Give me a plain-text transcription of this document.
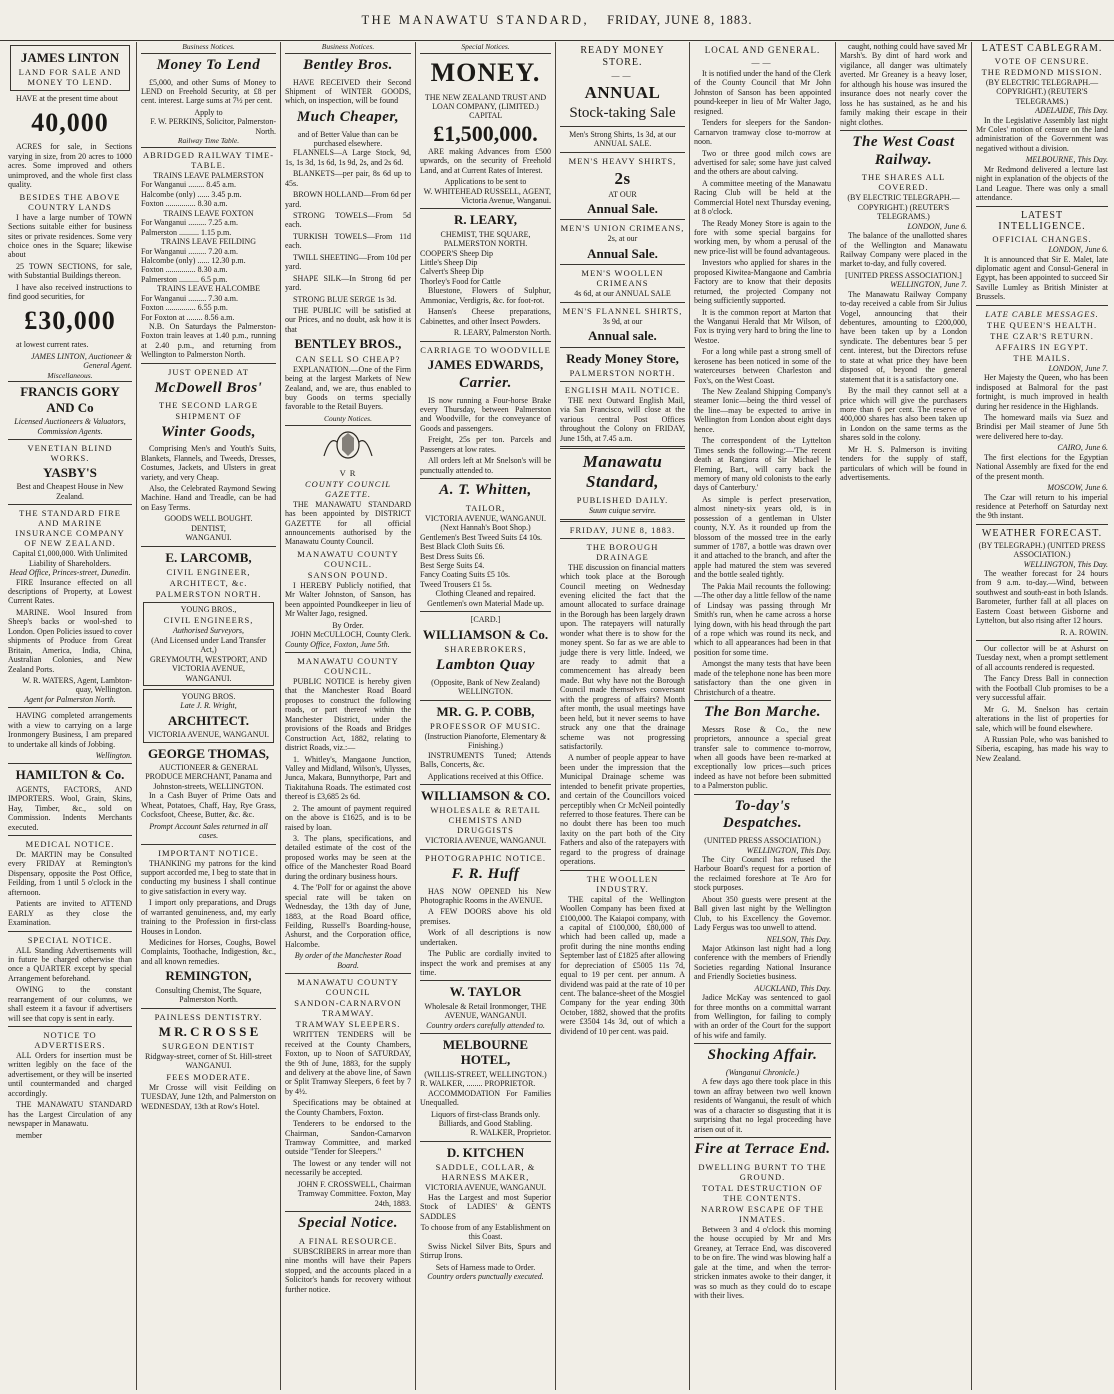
THE MANAWATU STANDARD, FRIDAY, JUNE 8, 1883.
JAMES LINTON
LAND FOR SALE AND MONEY TO LEND.
HAVE at the present time about
40,000
ACRES for sale, in Sections varying in size, from 20 acres to 1000 acres. Some improved and others unimproved, and the whole first class quality.
BESIDES THE ABOVE COUNTRY LANDS
I have a large number of TOWN Sections suitable either for business sites or private residences. Some very choice ones in the Square; likewise about
25 TOWN SECTIONS, for sale, with Substantial Buildings thereon.
I have also received instructions to find good securities, for
£30,000
at lowest current rates.
JAMES LINTON, Auctioneer & General Agent.
Miscellaneous.
FRANCIS GORY AND Co
Licensed Auctioneers & Valuators, Commission Agents.
VENETIAN BLIND WORKS.
YASBY'S
Best and Cheapest House in New Zealand.
THE STANDARD FIRE AND MARINE INSURANCE COMPANY OF NEW ZEALAND.
Capital £1,000,000. With Unlimited Liability of Shareholders.
Head Office, Princes-street, Dunedin.
FIRE Insurance effected on all descriptions of Property, at Lowest Current Rates.
MARINE. Wool Insured from Sheep's backs or wool-shed to London. Open Policies issued to cover shipments of Produce from Great Britain, America, India, China, Australian Colonies, and New Zealand Ports.
W. R. WATERS, Agent, Lambton-quay, Wellington.
Agent for Palmerston North.
HAVING completed arrangements with a view to carrying on a large Ironmongery Business, I am prepared to undertake all kinds of Jobbing.
Wellington.
HAMILTON & Co.
AGENTS, FACTORS, AND IMPORTERS. Wool, Grain, Skins, Hay, Timber, &c., sold on Commission. Indents Merchants executed.
MEDICAL NOTICE.
Dr. MARTIN may be Consulted every FRIDAY at Remington's Dispensary, opposite the Post Office, Feilding, from 1 until 5 o'clock in the afternoon.
Patients are invited to ATTEND EARLY as they close the Examination.
SPECIAL NOTICE.
ALL Standing Advertisements will in future be charged otherwise than once a QUARTER except by special Arrangement beforehand.
OWING to the constant rearrangement of our columns, we shall esteem it a favour if advertisers will see that copy is sent in early.
NOTICE TO ADVERTISERS.
ALL Orders for insertion must be written legibly on the face of the advertisement, or they will be inserted until countermanded and charged accordingly.
THE MANAWATU STANDARD has the Largest Circulation of any newspaper in Manawatu.
member
Business Notices.
Money To Lend
£5,000, and other Sums of Money to LEND on Freehold Security, at £8 per cent. interest. Large sums at 7½ per cent.
Apply to
F. W. PERKINS, Solicitor, Palmerston-North.
Railway Time Table.
ABRIDGED RAILWAY TIME-TABLE.
TRAINS LEAVE PALMERSTON
For Wanganui ........ 8.45 a.m.
Halcombe (only) ...... 3.45 p.m.
Foxton ............... 8.30 a.m.
TRAINS LEAVE FOXTON
For Wanganui ......... 7.25 a.m.
Palmerston .......... 1.15 p.m.
TRAINS LEAVE FEILDING
For Wanganui ......... 7.20 a.m.
Halcombe (only) ...... 12.30 p.m.
Foxton ............... 8.30 a.m.
Palmerston .......... 6.5 p.m.
TRAINS LEAVE HALCOMBE
For Wanganui ......... 7.30 a.m.
Foxton ............... 6.55 p.m.
For Foxton at ........ 8.56 a.m.
N.B. On Saturdays the Palmerston-Foxton train leaves at 1.40 p.m., running at 2.40 p.m., and returning from Wellington to Palmerston North.
JUST OPENED AT
McDowell Bros'
THE SECOND LARGE SHIPMENT OF
Winter Goods,
Comprising Men's and Youth's Suits, Blankets, Flannels, and Tweeds, Dresses, Costumes, Jackets, and Ulsters in great variety, and very Cheap.
Also, the Celebrated Raymond Sewing Machine. Hand and Treadle, can be had on Easy Terms.
GOODS WELL BOUGHT.
DENTIST,
WANGANUI.
E. LARCOMB,
CIVIL ENGINEER,
ARCHITECT, &c.
PALMERSTON NORTH.
YOUNG BROS.,
CIVIL ENGINEERS,
Authorised Surveyors,
(And Licensed under Land Transfer Act,)
GREYMOUTH, WESTPORT, AND VICTORIA AVENUE,
WANGANUI.
YOUNG BROS.
Late J. R. Wright,
ARCHITECT.
VICTORIA AVENUE, WANGANUI.
GEORGE THOMAS,
AUCTIONEER & GENERAL PRODUCE MERCHANT, Panama and Johnston-streets, WELLINGTON.
In a Cash Buyer of Prime Oats and Wheat, Potatoes, Chaff, Hay, Rye Grass, Cocksfoot, Cheese, Butter, &c. &c.
Prompt Account Sales returned in all cases.
IMPORTANT NOTICE.
THANKING my patrons for the kind support accorded me, I beg to state that in conducting my business I shall continue to give satisfaction in every way.
I import only preparations, and Drugs of warranted genuineness, and, my early training to the Profession in first-class Houses in London.
Medicines for Horses, Coughs, Bowel Complaints, Toothache, Indigestion, &c., and all known remedies.
REMINGTON,
Consulting Chemist, The Square, Palmerston North.
PAINLESS DENTISTRY.
M R. C R O S S E
SURGEON DENTIST
Ridgway-street, corner of St. Hill-street WANGANUI.
FEES MODERATE.
Mr Crosse will visit Feilding on TUESDAY, June 12th, and Palmerston on WEDNESDAY, 13th at Row's Hotel.
Business Notices.
Bentley Bros.
HAVE RECEIVED their Second Shipment of WINTER GOODS, which, on inspection, will be found
Much Cheaper,
and of Better Value than can be purchased elsewhere.
FLANNELS—A Large Stock, 9d, 1s, 1s 3d, 1s 6d, 1s 9d, 2s, and 2s 6d.
BLANKETS—per pair, 8s 6d up to 45s.
BROWN HOLLAND—From 6d per yard.
STRONG TOWELS—From 5d each.
TURKISH TOWELS—From 11d each.
TWILL SHEETING—From 10d per yard.
SHAPE SILK—In Strong 6d per yard.
STRONG BLUE SERGE 1s 3d.
THE PUBLIC will be satisfied at our Prices, and no doubt, ask how it is that
BENTLEY BROS.,
CAN SELL SO CHEAP?
EXPLANATION.—One of the Firm being at the largest Markets of New Zealand, and, we are, thus enabled to buy Goods on terms specially favorable to the Retail Buyers.
County Notices.
V R
COUNTY COUNCIL GAZETTE.
THE MANAWATU STANDARD has been appointed by DISTRICT GAZETTE for all official announcements authorised by the Manawatu County Council.
MANAWATU COUNTY COUNCIL.
SANSON POUND.
I HEREBY Publicly notified, that Mr Walter Johnston, of Sanson, has been appointed Poundkeeper in lieu of Mr Walter Jago, resigned.
By Order.
JOHN McCULLOCH, County Clerk.
County Office, Foxton, June 5th.
MANAWATU COUNTY COUNCIL.
PUBLIC NOTICE is hereby given that the Manchester Road Board proposes to construct the following roads, or part thereof within the Manchester District, under the provisions of the Roads and Bridges Construction Act, 1882, relating to district Roads, viz.:—
1. Whitley's, Mangaone Junction, Valley and Midland, Wilson's, Ulysses, Junca, Makara, Bunnythorpe, Part and Tiakitahuna Roads. The estimated cost thereof is £3,685 2s 6d.
2. The amount of payment required on the above is £1625, and is to be raised by loan.
3. The plans, specifications, and detailed estimate of the cost of the proposed works may be seen at the office of the Manchester Road Board during the ordinary business hours.
4. The 'Poll' for or against the above special rate will be taken on Wednesday, the 13th day of June, 1883, at the Road Board office, Feilding, Russell's Boarding-house, Ashurst, and the Corporation office, Halcombe.
By order of the Manchester Road Board.
MANAWATU COUNTY COUNCIL
SANDON-CARNARVON TRAMWAY.
TRAMWAY SLEEPERS.
WRITTEN TENDERS will be received at the County Chambers, Foxton, up to Noon of SATURDAY, the 9th of June, 1883, for the supply and delivery at the above line, of Sawn or Split Tramway Sleepers, 6 feet by 7 by 4½.
Specifications may be obtained at the County Chambers, Foxton.
Tenderers to be endorsed to the Chairman, Sandon-Carnarvon Tramway Committee, and marked outside "Tender for Sleepers."
The lowest or any tender will not necessarily be accepted.
JOHN F. CROSSWELL, Chairman Tramway Committee. Foxton, May 24th, 1883.
Special Notice.
A FINAL RESOURCE.
SUBSCRIBERS in arrear more than nine months will have their Papers stopped, and the accounts placed in a Solicitor's hands for recovery without further notice.
Special Notices.
MONEY.
THE NEW ZEALAND TRUST AND LOAN COMPANY, (LIMITED.)
CAPITAL £1,500,000.
ARE making Advances from £500 upwards, on the security of Freehold Land, and at Current Rates of Interest.
Applications to be sent to
W. WHITEHEAD RUSSELL, AGENT, Victoria Avenue, Wanganui.
R. LEARY,
CHEMIST, THE SQUARE, PALMERSTON NORTH.
COOPER'S Sheep Dip
Little's Sheep Dip
Calvert's Sheep Dip
Thorley's Food for Cattle
Bluestone, Flowers of Sulphur, Ammoniac, Verdigris, &c. for foot-rot.
Hansen's Cheese preparations, Cabinettes, and other Insect Powders.
R. LEARY, Palmerston North.
CARRIAGE TO WOODVILLE
JAMES EDWARDS,
Carrier.
IS now running a Four-horse Brake every Thursday, between Palmerston and Woodville, for the conveyance of Goods and passengers.
Freight, 25s per ton. Parcels and Passengers at low rates.
All orders left at Mr Snelson's will be punctually attended to.
A. T. Whitten,
TAILOR,
VICTORIA AVENUE, WANGANUI. (Next Hannah's Boot Shop.)
Gentlemen's Best Tweed Suits £4 10s.
Best Black Cloth Suits £6.
Best Dress Suits £6.
Best Serge Suits £4.
Fancy Coating Suits £5 10s.
Tweed Trousers £1 5s.
Clothing Cleaned and repaired.
Gentlemen's own Material Made up.
[CARD.]
WILLIAMSON & Co.
SHAREBROKERS,
Lambton Quay
(Opposite, Bank of New Zealand) WELLINGTON.
MR. G. P. COBB,
PROFESSOR OF MUSIC.
(Instruction Pianoforte, Elementary & Finishing.)
INSTRUMENTS Tuned; Attends Balls, Concerts, &c.
Applications received at this Office.
WILLIAMSON & CO.
WHOLESALE & RETAIL CHEMISTS AND DRUGGISTS
VICTORIA AVENUE, WANGANUI.
PHOTOGRAPHIC NOTICE.
F. R. Huff
HAS NOW OPENED his New Photographic Rooms in the AVENUE.
A FEW DOORS above his old premises.
Work of all descriptions is now undertaken.
The Public are cordially invited to inspect the work and premises at any time.
W. TAYLOR
Wholesale & Retail Ironmonger, THE AVENUE, WANGANUI.
Country orders carefully attended to.
MELBOURNE HOTEL,
(WILLIS-STREET, WELLINGTON.)
R. WALKER, ........ PROPRIETOR.
ACCOMMODATION For Families Unequalled.
Liquors of first-class Brands only.
Billiards, and Good Stabling.
R. WALKER, Proprietor.
D. KITCHEN
SADDLE, COLLAR, & HARNESS MAKER,
VICTORIA AVENUE, WANGANUI.
Has the Largest and most Superior Stock of LADIES' & GENTS SADDLES
To choose from of any Establishment on this Coast.
Swiss Nickel Silver Bits, Spurs and Stirrup Irons.
Sets of Harness made to Order.
Country orders punctually executed.
READY MONEY STORE.
——
ANNUAL
Stock-taking Sale
Men's Strong Shirts, 1s 3d, at our ANNUAL SALE.
MEN'S HEAVY SHIRTS,
2s
AT OUR
Annual Sale.
MEN'S UNION CRIMEANS,
2s, at our
Annual Sale.
MEN'S WOOLLEN CRIMEANS
4s 6d, at our ANNUAL SALE
MEN'S FLANNEL SHIRTS,
3s 9d, at our
Annual sale.
Ready Money Store,
PALMERSTON NORTH.
ENGLISH MAIL NOTICE.
THE next Outward English Mail, via San Francisco, will close at the various central Post Offices throughout the Colony on FRIDAY, June 15th, at 7.45 a.m.
Manawatu Standard,
PUBLISHED DAILY.
Suum cuique servire.
FRIDAY, JUNE 8, 1883.
THE BOROUGH DRAINAGE
THE discussion on financial matters which took place at the Borough Council meeting on Wednesday evening elicited the fact that the amount allocated to surface drainage in the Borough has been largely drawn upon. The ratepayers will naturally wonder what there is to show for the money spent. So far as we are able to judge there is very little. Indeed, we are ready to admit that a commencement has already been made. But why have not the Borough Council made themselves conversant with the progress of affairs? Month after month, the usual meetings have been held, but it never seems to have struck any one that the drainage scheme was not progressing satisfactorily.
A number of people appear to have been under the impression that the Municipal Drainage scheme was intended to benefit private properties, and certain of the Councillors voiced perceptibly when Cr McNeil pointedly referred to those features. There can be no doubt there has been too much laxity on the part both of the City Fathers and also of the ratepayers with regard to the progress of drainage operations.
THE WOOLLEN INDUSTRY.
THE capital of the Wellington Woollen Company has been fixed at £100,000. The Kaiapoi company, with a capital of £100,000, £80,000 of which had been called up, made a profit during the nine months ending September last of £1825 after allowing for depreciation of £5005 11s 7d, equal to 19 per cent. per annum. A dividend was paid at the rate of 10 per cent. The balance-sheet of the Mosgiel Company for the year ending 30th October, 1882, showed that the profits were £3504 14s 3d, out of which a dividend of 10 per cent. was paid.
LOCAL AND GENERAL.
——
It is notified under the hand of the Clerk of the County Council that Mr John Johnston of Sanson has been appointed pound-keeper in lieu of Mr Walter Jago, resigned.
Tenders for sleepers for the Sandon-Carnarvon tramway close to-morrow at noon.
Two or three good milch cows are advertised for sale; some have just calved and the others are about calving.
A committee meeting of the Manawatu Racing Club will be held at the Commercial Hotel next Thursday evening, at 8 o'clock.
The Ready Money Store is again to the fore with some special bargains for working men, by whom a perusal of the new price-list will be found advantageous.
Investors who applied for shares in the proposed Kiwitea-Mangaone and Cambria Factory are to know that their deposits returned, the projected Company not being sufficiently supported.
It is the common report at Marton that the Wanganui Herald that Mr Wilson, of Fox is trying very hard to bring the line to Westoe.
For a long while past a strong smell of kerosene has been noticed in some of the waterceurses between Charleston and Fox's, on the West Coast.
The New Zealand Shipping Company's steamer Ionic—being the third vessel of the line—may be expected to arrive in Wellington from London about eight days hence.
The correspondent of the Lyttelton Times sends the following:—'The recent death at Rangiora of Sir Michael le Fleming, Bart., will carry back the memory of many old colonists to the early days of Canterbury.'
As simple is perfect preservation, almost ninety-six years old, is in possession of a gentleman in Ulster county, N.Y. As it rounded up from the blossom of the mossed tree in the early summer of 1787, a bottle was drawn over it and attached to the branch, and after the apple had matured the stem was severed and the bottle sealed tightly.
The Pakia Mail recounts the following:—The other day a little fellow of the name of Lindsay was passing through Mr Smith's run, when he came across a horse lying down, with his head through the part of a rope which was round its neck, and which to all appearances had been in that position for some time.
Amongst the many tests that have been made of the telephone none has been more satisfactory than the one given in Christchurch of a theatre.
The Bon Marche.
Messrs Rose & Co., the new proprietors, announce a special great transfer sale to commence to-morrow, when all goods have been re-marked at exceptionally low prices—such prices indeed as have not before been submitted to a Palmerston public.
To-day's Despatches.
(UNITED PRESS ASSOCIATION.)
WELLINGTON, This Day.
The City Council has refused the Harbour Board's request for a portion of the reclaimed foreshore at Te Aro for stock purposes.
About 350 guests were present at the Ball given last night by the Wellington Club, to his Excellency the Governor. Lady Fergus was too unwell to attend.
NELSON, This Day.
Major Atkinson last night had a long conference with the members of Friendly Societies regarding National Insurance and Friendly Societies business.
AUCKLAND, This Day.
Jadice McKay was sentenced to gaol for three months on a committal warrant from Wellington, for failing to comply with an order of the Court for the support of his wife and family.
Shocking Affair.
(Wanganui Chronicle.)
A few days ago there took place in this town an affray between two well known residents of Wanganui, the result of which was of a character so disgusting that it is surprising that no legal proceeding have arisen out of it.
Fire at Terrace End.
DWELLING BURNT TO THE GROUND.
TOTAL DESTRUCTION OF THE CONTENTS.
NARROW ESCAPE OF THE INMATES.
Between 3 and 4 o'clock this morning the house occupied by Mr and Mrs Greaney, at Terrace End, was discovered to be on fire. The wind was blowing half a gale at the time, and when the terror-stricken inmates awoke to their danger, it was so much as they could do to escape with their lives.
caught, nothing could have saved Mr Marsh's. By dint of hard work and vigilance, all danger was ultimately averted. Mr Greaney is a heavy loser, for although his house was insured the insurance does not nearly cover the loss he has sustained, as he and his family making their escape in their night clothes.
The West Coast Railway.
THE SHARES ALL COVERED.
(BY ELECTRIC TELEGRAPH.—COPYRIGHT.) (REUTER'S TELEGRAMS.)
LONDON, June 6.
The balance of the unallotted shares of the Wellington and Manawatu Railway Company were placed in the market to-day, and fully covered.
[UNITED PRESS ASSOCIATION.]
WELLINGTON, June 7.
The Manawatu Railway Company to-day received a cable from Sir Julius Vogel, announcing that their debentures, amounting to £200,000, have been taken up by a London syndicate. The debentures bear 5 per cent. interest, but the Directors refuse to state at what price they have been disposed of, beyond the general statement that it is a satisfactory one.
By the mail they cannot sell at a price which will give the purchasers more than 6 per cent. The reserve of 400,000 shares has also been taken up in London on the same terms as the shares sold in the colony.
Mr H. S. Palmerson is inviting tenders for the supply of staff, particulars of which will be found in advertisements.
LATEST CABLEGRAM.
VOTE OF CENSURE.
THE REDMOND MISSION.
(BY ELECTRIC TELEGRAPH.—COPYRIGHT.) (REUTER'S TELEGRAMS.)
ADELAIDE, This Day.
In the Legislative Assembly last night Mr Coles' motion of censure on the land administration of the Government was negatived without a division.
MELBOURNE, This Day.
Mr Redmond delivered a lecture last night in explanation of the objects of the Land League. There was only a small attendance.
LATEST INTELLIGENCE.
OFFICIAL CHANGES.
LONDON, June 6.
It is announced that Sir E. Malet, late diplomatic agent and Consul-General in Egypt, has been appointed to succeed Sir Saville Lumley as British Minister at Brussels.
LATE CABLE MESSAGES.
THE QUEEN'S HEALTH.
THE CZAR'S RETURN.
AFFAIRS IN EGYPT.
THE MAILS.
LONDON, June 7.
Her Majesty the Queen, who has been indisposed at Balmoral for the past fortnight, is much improved in health during her residence in the Highlands.
The homeward mails via Suez and Brindisi per Mail steamer of June 5th were delivered here to-day.
CAIRO, June 6.
The first elections for the Egyptian National Assembly are fixed for the end of the present month.
MOSCOW, June 6.
The Czar will return to his imperial residence at Peterhoff on Saturday next the 9th instant.
WEATHER FORECAST.
(BY TELEGRAPH.) (UNITED PRESS ASSOCIATION.)
WELLINGTON, This Day.
The weather forecast for 24 hours from 9 a.m. to-day.—Wind, between southwest and south-east in both Islands. Barometer, further fall at all places on Eastern Coast between Gisborne and Lyttelton, but also rising after 12 hours.
R. A. ROWIN.
Our collector will be at Ashurst on Tuesday next, when a prompt settlement of all accounts rendered is requested.
The Fancy Dress Ball in connection with the Football Club promises to be a very successful affair.
Mr G. M. Snelson has certain alterations in the list of properties for sale, which will be found elsewhere.
A Russian Pole, who was banished to Siberia, escaping, has made his way to New Zealand.
